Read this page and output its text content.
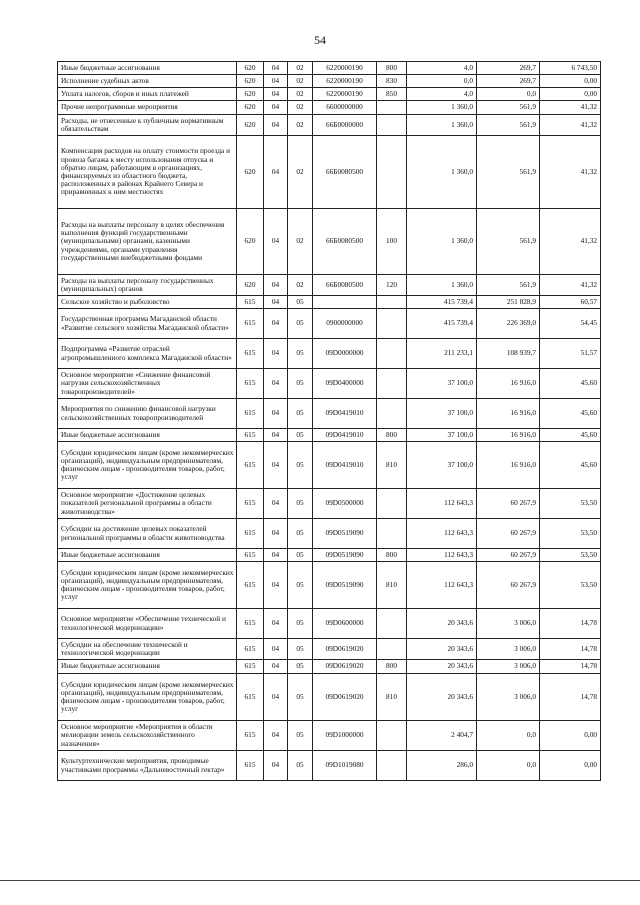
54
Иные бюджетные ассигнования	620	04	02	6220000190	800	4,0	269,7	6 743,50
Исполнение судебных актов	620	04	02	6220000190	830	0,0	269,7	0,00
Уплата налогов, сборов и иных платежей	620	04	02	6220000190	850	4,0	0,0	0,00
Прочие непрограммные мероприятия	620	04	02	6600000000		1 360,0	561,9	41,32
Расходы, не отнесенные к публичным нормативным обязательствам	620	04	02	66Б0000000		1 360,0	561,9	41,32
Компенсация расходов на оплату стоимости проезда и провоза багажа к месту использования отпуска и обратно лицам, работающим в организациях, финансируемых из областного бюджета, расположенных в районах Крайнего Севера и приравненных к ним местностях	620	04	02	66Б0080500		1 360,0	561,9	41,32
Расходы на выплаты персоналу в целях обеспечения выполнения функций государственными (муниципальными) органами, казенными учреждениями, органами управления государственными внебюджетными фондами	620	04	02	66Б0080500	100	1 360,0	561,9	41,32
Расходы на выплаты персоналу государственных (муниципальных) органов	620	04	02	66Б0080500	120	1 360,0	561,9	41,32
Сельское хозяйство и рыболовство	615	04	05			415 739,4	251 828,9	60,57
Государственная программа Магаданской области «Развитие сельского хозяйства Магаданской области»	615	04	05	0900000000		415 739,4	226 369,0	54,45
Подпрограмма «Развитие отраслей агропромышленного комплекса Магаданской области»	615	04	05	09D0000000		211 233,1	108 939,7	51,57
Основное мероприятие «Снижение финансовой нагрузки сельскохозяйственных товаропроизводителей»	615	04	05	09D0400000		37 100,0	16 916,0	45,60
Мероприятия по снижению финансовой нагрузки сельскохозяйственных товаропроизводителей	615	04	05	09D0419010		37 100,0	16 916,0	45,60
Иные бюджетные ассигнования	615	04	05	09D0419010	800	37 100,0	16 916,0	45,60
Субсидии юридическим лицам (кроме некоммерческих организаций), индивидуальным предпринимателям, физическим лицам - производителям товаров, работ, услуг	615	04	05	09D0419010	810	37 100,0	16 916,0	45,60
Основное мероприятие «Достижение целевых показателей региональной программы в области животноводства»	615	04	05	09D0500000		112 643,3	60 267,9	53,50
Субсидии на достижение целевых показателей региональной программы в области животноводства	615	04	05	09D0519090		112 643,3	60 267,9	53,50
Иные бюджетные ассигнования	615	04	05	09D0519090	800	112 643,3	60 267,9	53,50
Субсидии юридическим лицам (кроме некоммерческих организаций), индивидуальным предпринимателям, физическим лицам - производителям товаров, работ, услуг	615	04	05	09D0519090	810	112 643,3	60 267,9	53,50
Основное мероприятие «Обеспечение технической и технологической модернизации»	615	04	05	09D0600000		20 343,6	3 006,0	14,78
Субсидии на обеспечение технической и технологической модернизации	615	04	05	09D0619020		20 343,6	3 006,0	14,78
Иные бюджетные ассигнования	615	04	05	09D0619020	800	20 343,6	3 006,0	14,78
Субсидии юридическим лицам (кроме некоммерческих организаций), индивидуальным предпринимателям, физическим лицам - производителям товаров, работ, услуг	615	04	05	09D0619020	810	20 343,6	3 006,0	14,78
Основное мероприятие «Мероприятия в области мелиорации земель сельскохозяйственного назначения»	615	04	05	09D1000000		2 404,7	0,0	0,00
Культуртехнические мероприятия, проводимые участниками программы «Дальневосточный гектар»	615	04	05	09D1019080		286,0	0,0	0,00
